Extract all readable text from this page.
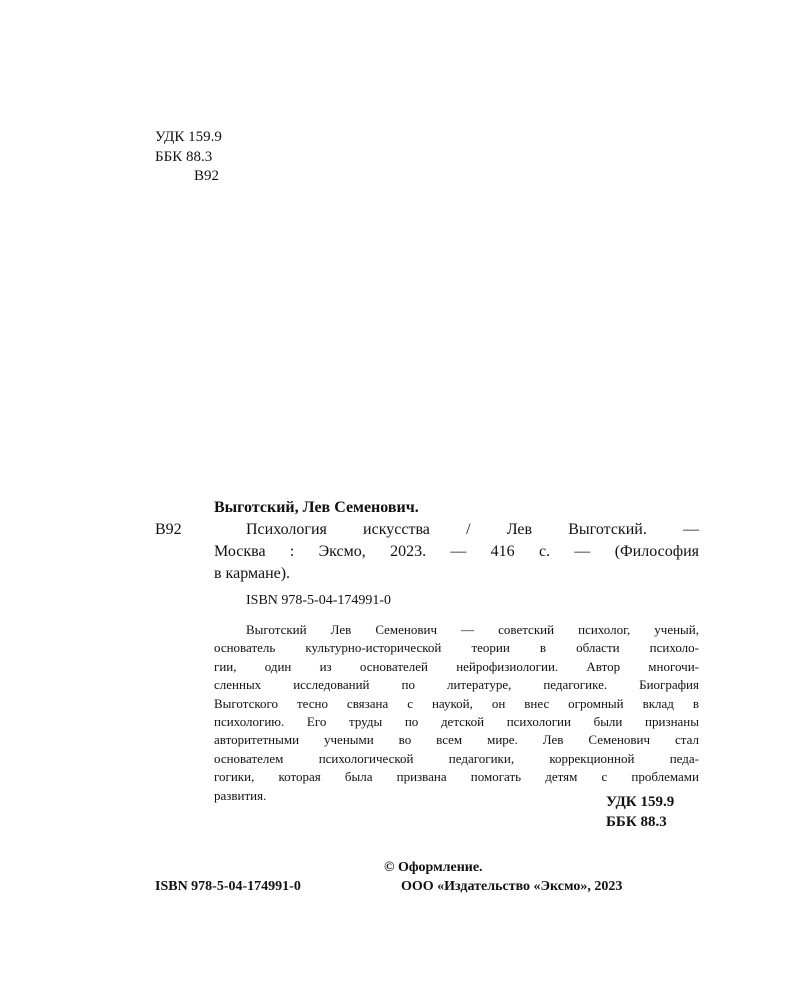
УДК 159.9
ББК 88.3
В92
Выготский, Лев Семенович.
В92	Психология искусства / Лев Выготский. —
Москва : Эксмо, 2023. — 416 с. — (Философия
в кармане).
ISBN 978-5-04-174991-0
Выготский Лев Семенович — советский психолог, ученый,
основатель культурно-исторической теории в области психоло-
гии, один из основателей нейрофизиологии. Автор многочи-
сленных исследований по литературе, педагогике. Биография
Выготского тесно связана с наукой, он внес огромный вклад в
психологию. Его труды по детской психологии были признаны
авторитетными учеными во всем мире. Лев Семенович стал
основателем психологической педагогики, коррекционной педа-
гогики, которая была призвана помогать детям с проблемами
развития.	УДК 159.9
ББК 88.3
© Оформление.
ISBN 978-5-04-174991-0	ООО «Издательство «Эксмо», 2023
